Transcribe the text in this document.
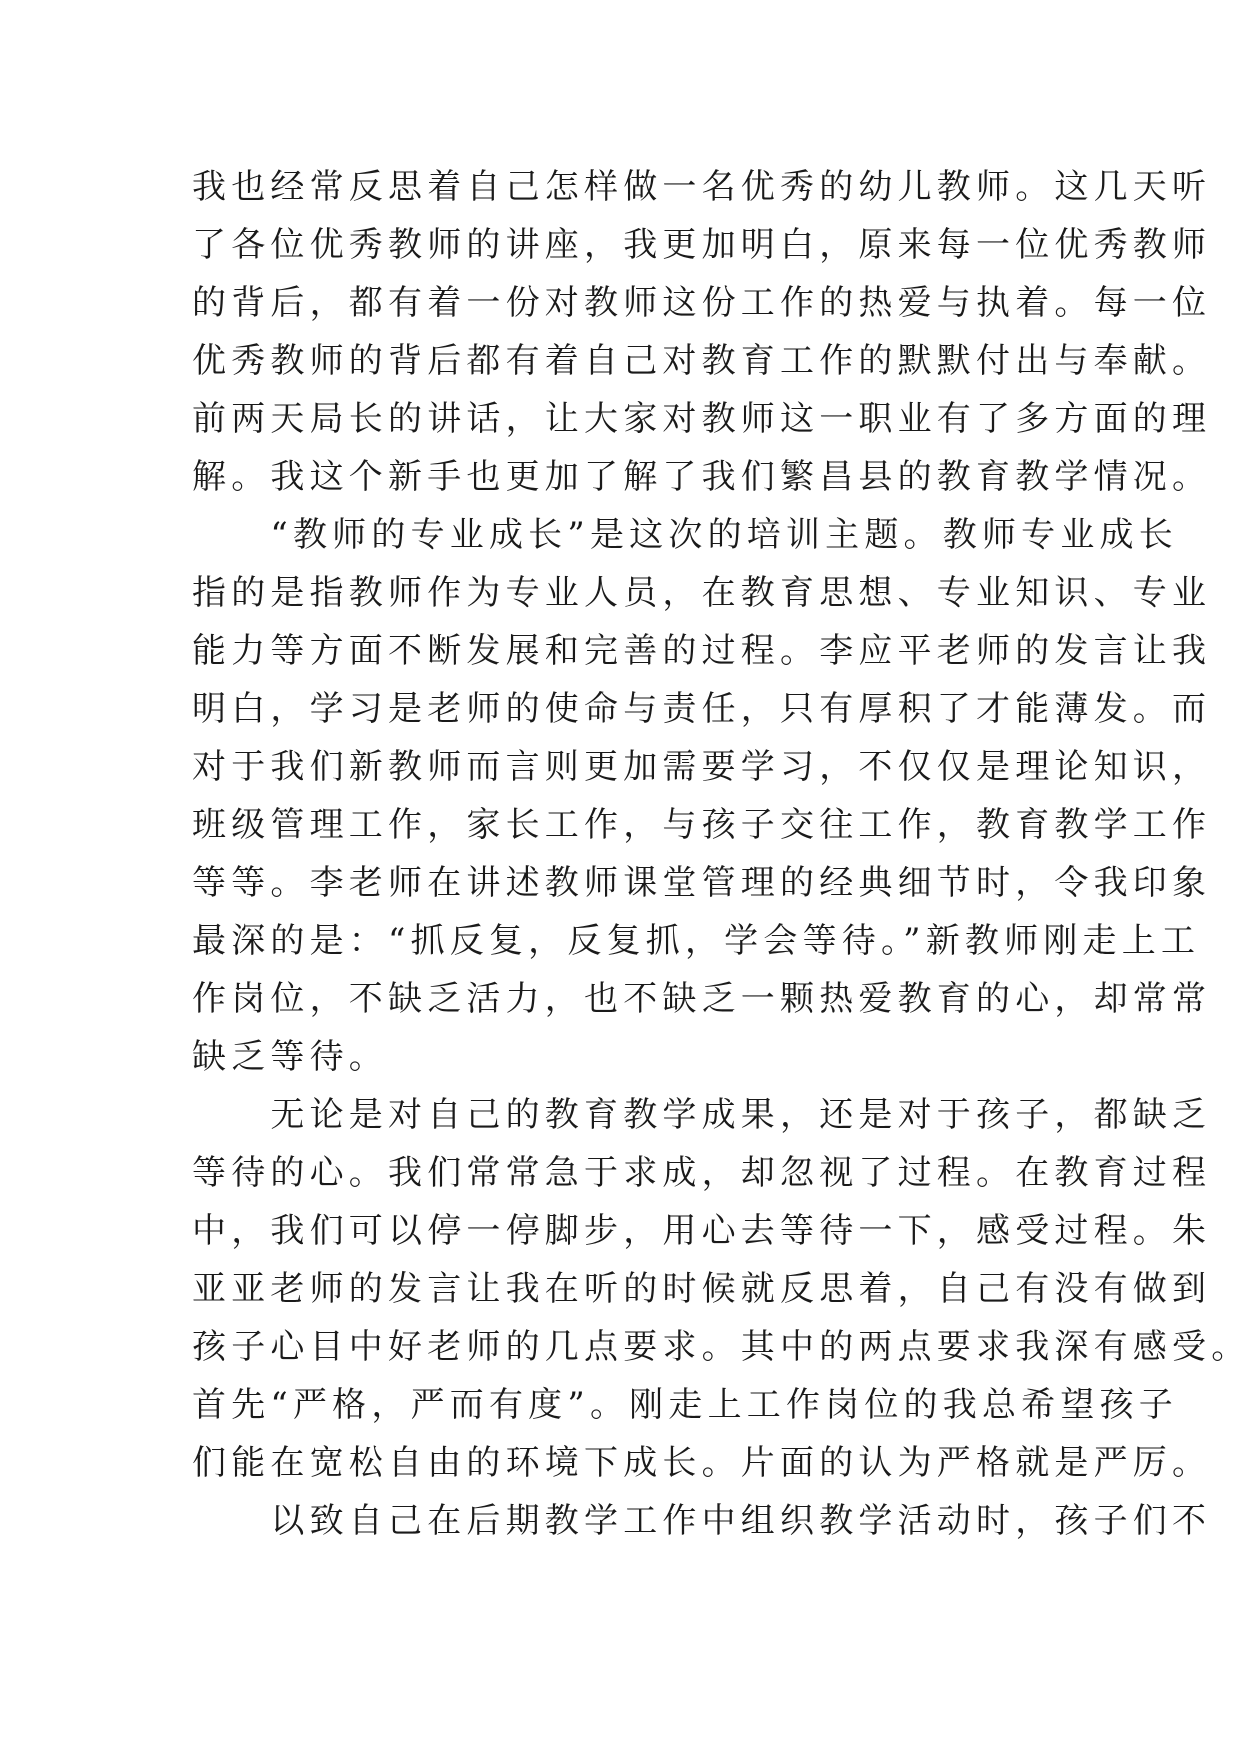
我也经常反思着自己怎样做一名优秀的幼儿教师。这几天听
了各位优秀教师的讲座，我更加明白，原来每一位优秀教师
的背后，都有着一份对教师这份工作的热爱与执着。每一位
优秀教师的背后都有着自己对教育工作的默默付出与奉献。
前两天局长的讲话，让大家对教师这一职业有了多方面的理
解。我这个新手也更加了解了我们繁昌县的教育教学情况。
　　“教师的专业成长”是这次的培训主题。教师专业成长
指的是指教师作为专业人员，在教育思想、专业知识、专业
能力等方面不断发展和完善的过程。李应平老师的发言让我
明白，学习是老师的使命与责任，只有厚积了才能薄发。而
对于我们新教师而言则更加需要学习，不仅仅是理论知识，
班级管理工作，家长工作，与孩子交往工作，教育教学工作
等等。李老师在讲述教师课堂管理的经典细节时，令我印象
最深的是：“抓反复，反复抓，学会等待。”新教师刚走上工
作岗位，不缺乏活力，也不缺乏一颗热爱教育的心，却常常
缺乏等待。
　　无论是对自己的教育教学成果，还是对于孩子，都缺乏
等待的心。我们常常急于求成，却忽视了过程。在教育过程
中，我们可以停一停脚步，用心去等待一下，感受过程。朱
亚亚老师的发言让我在听的时候就反思着，自己有没有做到
孩子心目中好老师的几点要求。其中的两点要求我深有感受。
首先“严格，严而有度”。刚走上工作岗位的我总希望孩子
们能在宽松自由的环境下成长。片面的认为严格就是严厉。
　　以致自己在后期教学工作中组织教学活动时，孩子们不
